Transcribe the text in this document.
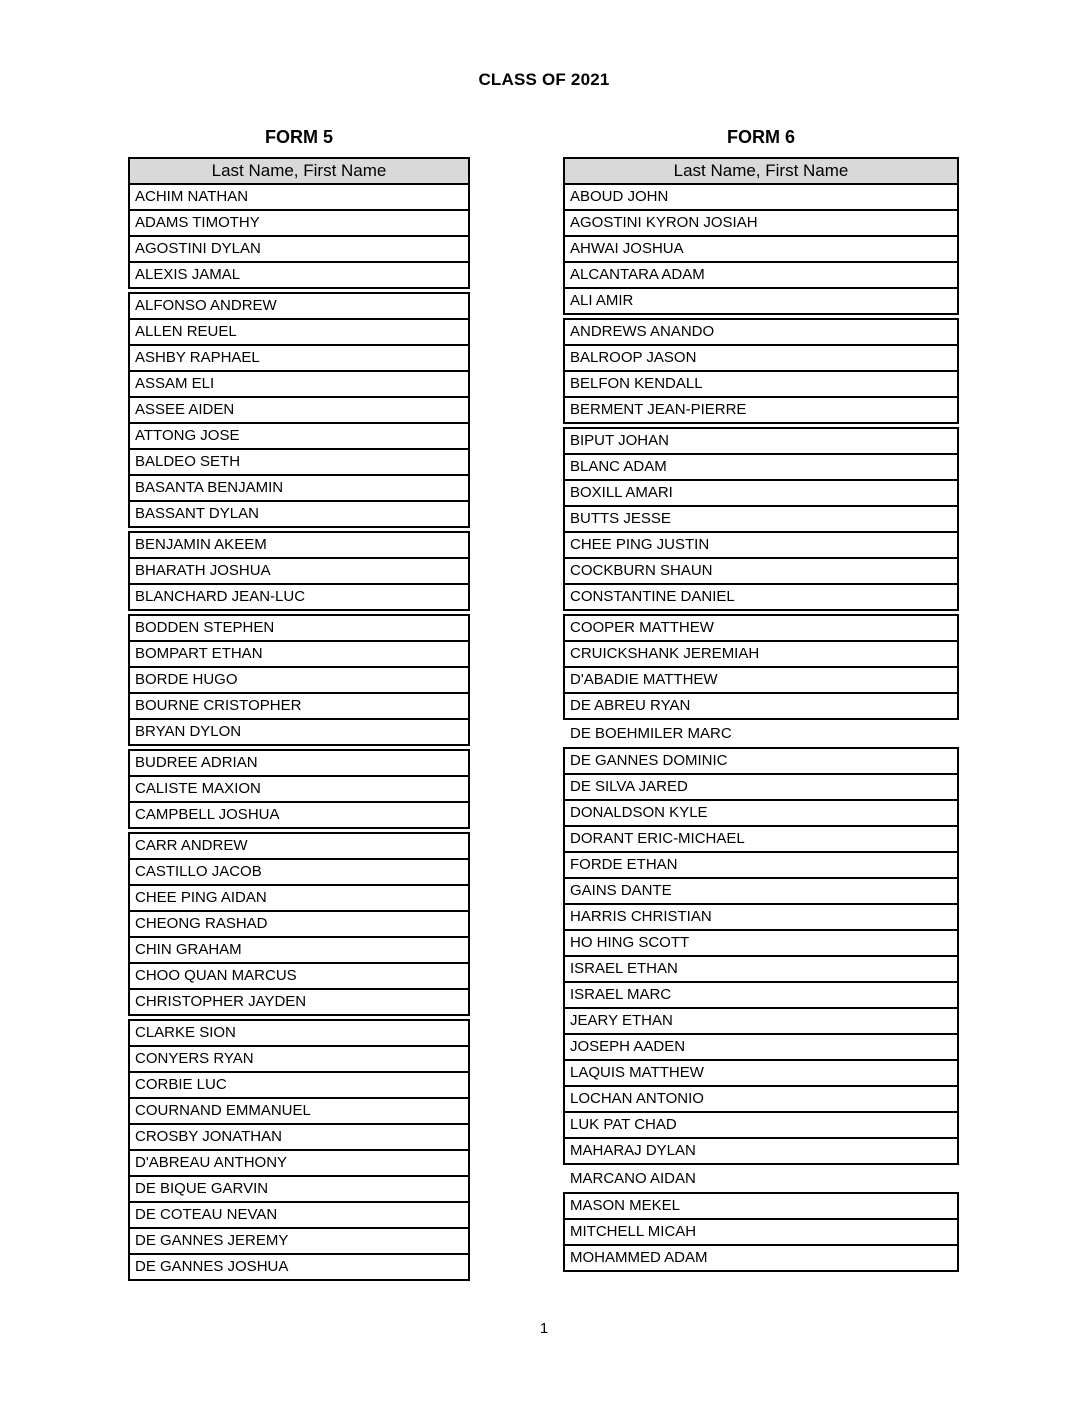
CLASS OF 2021
FORM 5
Last Name, First Name
ACHIM NATHAN
ADAMS TIMOTHY
AGOSTINI DYLAN
ALEXIS JAMAL
ALFONSO ANDREW
ALLEN REUEL
ASHBY RAPHAEL
ASSAM ELI
ASSEE AIDEN
ATTONG JOSE
BALDEO SETH
BASANTA BENJAMIN
BASSANT DYLAN
BENJAMIN AKEEM
BHARATH JOSHUA
BLANCHARD JEAN-LUC
BODDEN STEPHEN
BOMPART ETHAN
BORDE HUGO
BOURNE CRISTOPHER
BRYAN DYLON
BUDREE ADRIAN
CALISTE MAXION
CAMPBELL JOSHUA
CARR ANDREW
CASTILLO JACOB
CHEE PING AIDAN
CHEONG RASHAD
CHIN GRAHAM
CHOO QUAN MARCUS
CHRISTOPHER JAYDEN
CLARKE SION
CONYERS RYAN
CORBIE LUC
COURNAND EMMANUEL
CROSBY JONATHAN
D'ABREAU ANTHONY
DE BIQUE GARVIN
DE COTEAU NEVAN
DE GANNES JEREMY
DE GANNES JOSHUA
FORM 6
Last Name, First Name
ABOUD JOHN
AGOSTINI KYRON JOSIAH
AHWAI JOSHUA
ALCANTARA ADAM
ALI AMIR
ANDREWS ANANDO
BALROOP JASON
BELFON KENDALL
BERMENT JEAN-PIERRE
BIPUT JOHAN
BLANC ADAM
BOXILL AMARI
BUTTS JESSE
CHEE PING JUSTIN
COCKBURN SHAUN
CONSTANTINE DANIEL
COOPER MATTHEW
CRUICKSHANK JEREMIAH
D'ABADIE MATTHEW
DE ABREU RYAN
DE BOEHMILER MARC
DE GANNES DOMINIC
DE SILVA JARED
DONALDSON KYLE
DORANT ERIC-MICHAEL
FORDE ETHAN
GAINS DANTE
HARRIS CHRISTIAN
HO HING SCOTT
ISRAEL ETHAN
ISRAEL MARC
JEARY ETHAN
JOSEPH AADEN
LAQUIS MATTHEW
LOCHAN ANTONIO
LUK PAT CHAD
MAHARAJ DYLAN
MARCANO AIDAN
MASON MEKEL
MITCHELL MICAH
MOHAMMED ADAM
1
